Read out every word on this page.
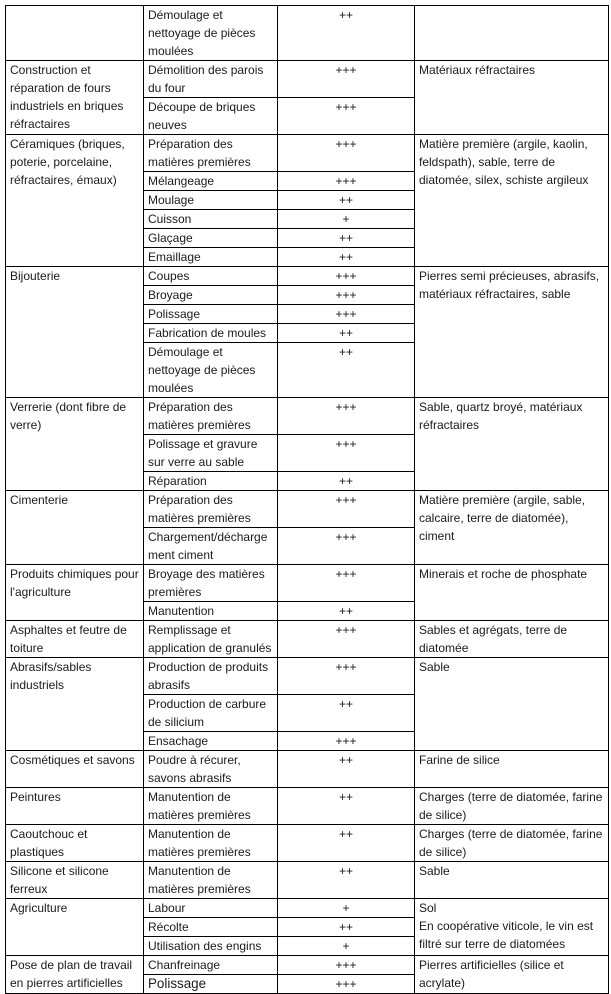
	Démoulage et nettoyage de pièces moulées	++	
Construction et réparation de fours industriels en briques réfractaires	Démolition des parois du four	+++	Matériaux réfractaires
	Découpe de briques neuves	+++	
Céramiques (briques, poterie, porcelaine, réfractaires, émaux)	Préparation des matières premières	+++	Matière première (argile, kaolin, feldspath), sable, terre de diatomée, silex, schiste argileux
	Mélangeage	+++	
	Moulage	++	
	Cuisson	+	
	Glaçage	++	
	Emaillage	++	
Bijouterie	Coupes	+++	Pierres semi précieuses, abrasifs, matériaux réfractaires, sable
	Broyage	+++	
	Polissage	+++	
	Fabrication de moules	++	
	Démoulage et nettoyage de pièces moulées	++	
Verrerie (dont fibre de verre)	Préparation des matières premières	+++	Sable, quartz broyé, matériaux réfractaires
	Polissage et gravure sur verre au sable	+++	
	Réparation	++	
Cimenterie	Préparation des matières premières	+++	Matière première (argile, sable, calcaire, terre de diatomée), ciment
	Chargement/déchargement ciment	+++	
Produits chimiques pour l'agriculture	Broyage des matières premières	+++	Minerais et roche de phosphate
	Manutention	++	
Asphaltes et feutre de toiture	Remplissage et application de granulés	+++	Sables et agrégats, terre de diatomée
Abrasifs/sables industriels	Production de produits abrasifs	+++	Sable
	Production de carbure de silicium	++	
	Ensachage	+++	
Cosmétiques et savons	Poudre à récurer, savons abrasifs	++	Farine de silice
Peintures	Manutention de matières premières	++	Charges (terre de diatomée, farine de silice)
Caoutchouc et plastiques	Manutention de matières premières	++	Charges (terre de diatomée, farine de silice)
Silicone et silicone ferreux	Manutention de matières premières	++	Sable
Agriculture	Labour	+	Sol
En coopérative viticole, le vin est filtré sur terre de diatomées
	Récolte	++	
	Utilisation des engins	+	
Pose de plan de travail en pierres artificielles	Chanfreinage	+++	Pierres artificielles (silice et acrylate)
	Polissage	+++	
